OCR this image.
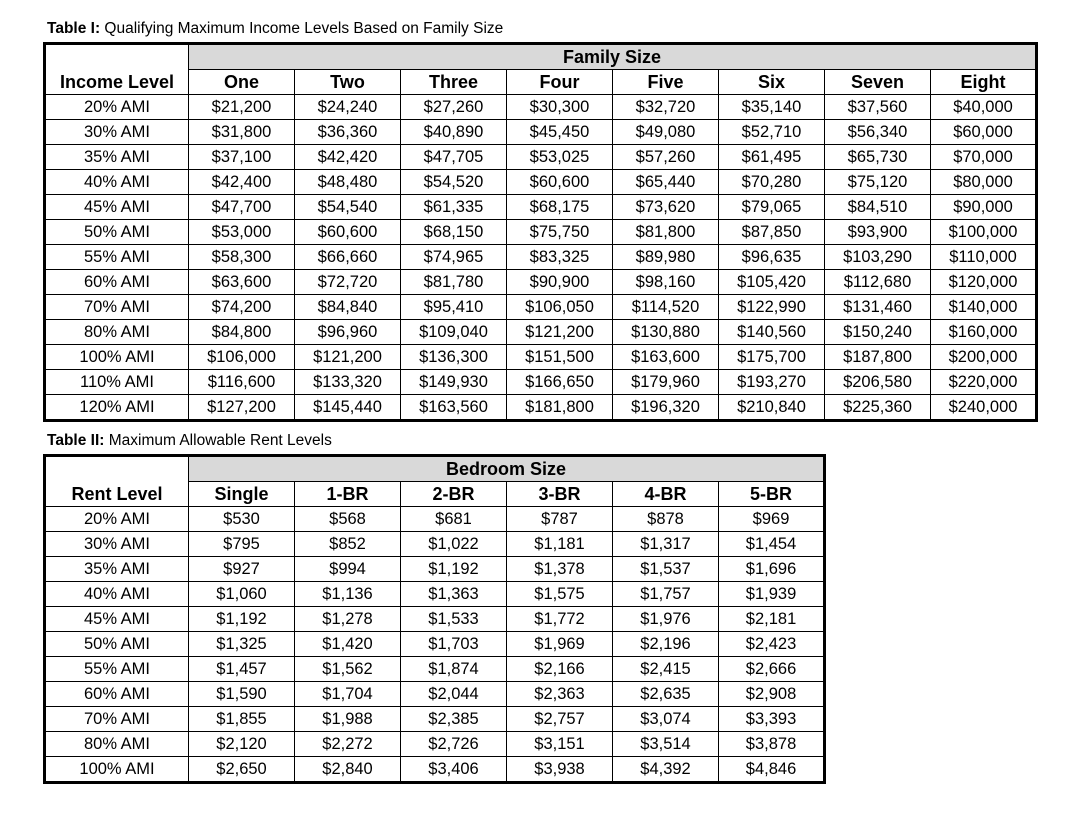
Table I: Qualifying Maximum Income Levels Based on Family Size
	Family Size							
Income Level	One	Two	Three	Four	Five	Six	Seven	Eight
20% AMI	$21,200	$24,240	$27,260	$30,300	$32,720	$35,140	$37,560	$40,000
30% AMI	$31,800	$36,360	$40,890	$45,450	$49,080	$52,710	$56,340	$60,000
35% AMI	$37,100	$42,420	$47,705	$53,025	$57,260	$61,495	$65,730	$70,000
40% AMI	$42,400	$48,480	$54,520	$60,600	$65,440	$70,280	$75,120	$80,000
45% AMI	$47,700	$54,540	$61,335	$68,175	$73,620	$79,065	$84,510	$90,000
50% AMI	$53,000	$60,600	$68,150	$75,750	$81,800	$87,850	$93,900	$100,000
55% AMI	$58,300	$66,660	$74,965	$83,325	$89,980	$96,635	$103,290	$110,000
60% AMI	$63,600	$72,720	$81,780	$90,900	$98,160	$105,420	$112,680	$120,000
70% AMI	$74,200	$84,840	$95,410	$106,050	$114,520	$122,990	$131,460	$140,000
80% AMI	$84,800	$96,960	$109,040	$121,200	$130,880	$140,560	$150,240	$160,000
100% AMI	$106,000	$121,200	$136,300	$151,500	$163,600	$175,700	$187,800	$200,000
110% AMI	$116,600	$133,320	$149,930	$166,650	$179,960	$193,270	$206,580	$220,000
120% AMI	$127,200	$145,440	$163,560	$181,800	$196,320	$210,840	$225,360	$240,000
Table II: Maximum Allowable Rent Levels
	Bedroom Size					
Rent Level	Single	1-BR	2-BR	3-BR	4-BR	5-BR
20% AMI	$530	$568	$681	$787	$878	$969
30% AMI	$795	$852	$1,022	$1,181	$1,317	$1,454
35% AMI	$927	$994	$1,192	$1,378	$1,537	$1,696
40% AMI	$1,060	$1,136	$1,363	$1,575	$1,757	$1,939
45% AMI	$1,192	$1,278	$1,533	$1,772	$1,976	$2,181
50% AMI	$1,325	$1,420	$1,703	$1,969	$2,196	$2,423
55% AMI	$1,457	$1,562	$1,874	$2,166	$2,415	$2,666
60% AMI	$1,590	$1,704	$2,044	$2,363	$2,635	$2,908
70% AMI	$1,855	$1,988	$2,385	$2,757	$3,074	$3,393
80% AMI	$2,120	$2,272	$2,726	$3,151	$3,514	$3,878
100% AMI	$2,650	$2,840	$3,406	$3,938	$4,392	$4,846
